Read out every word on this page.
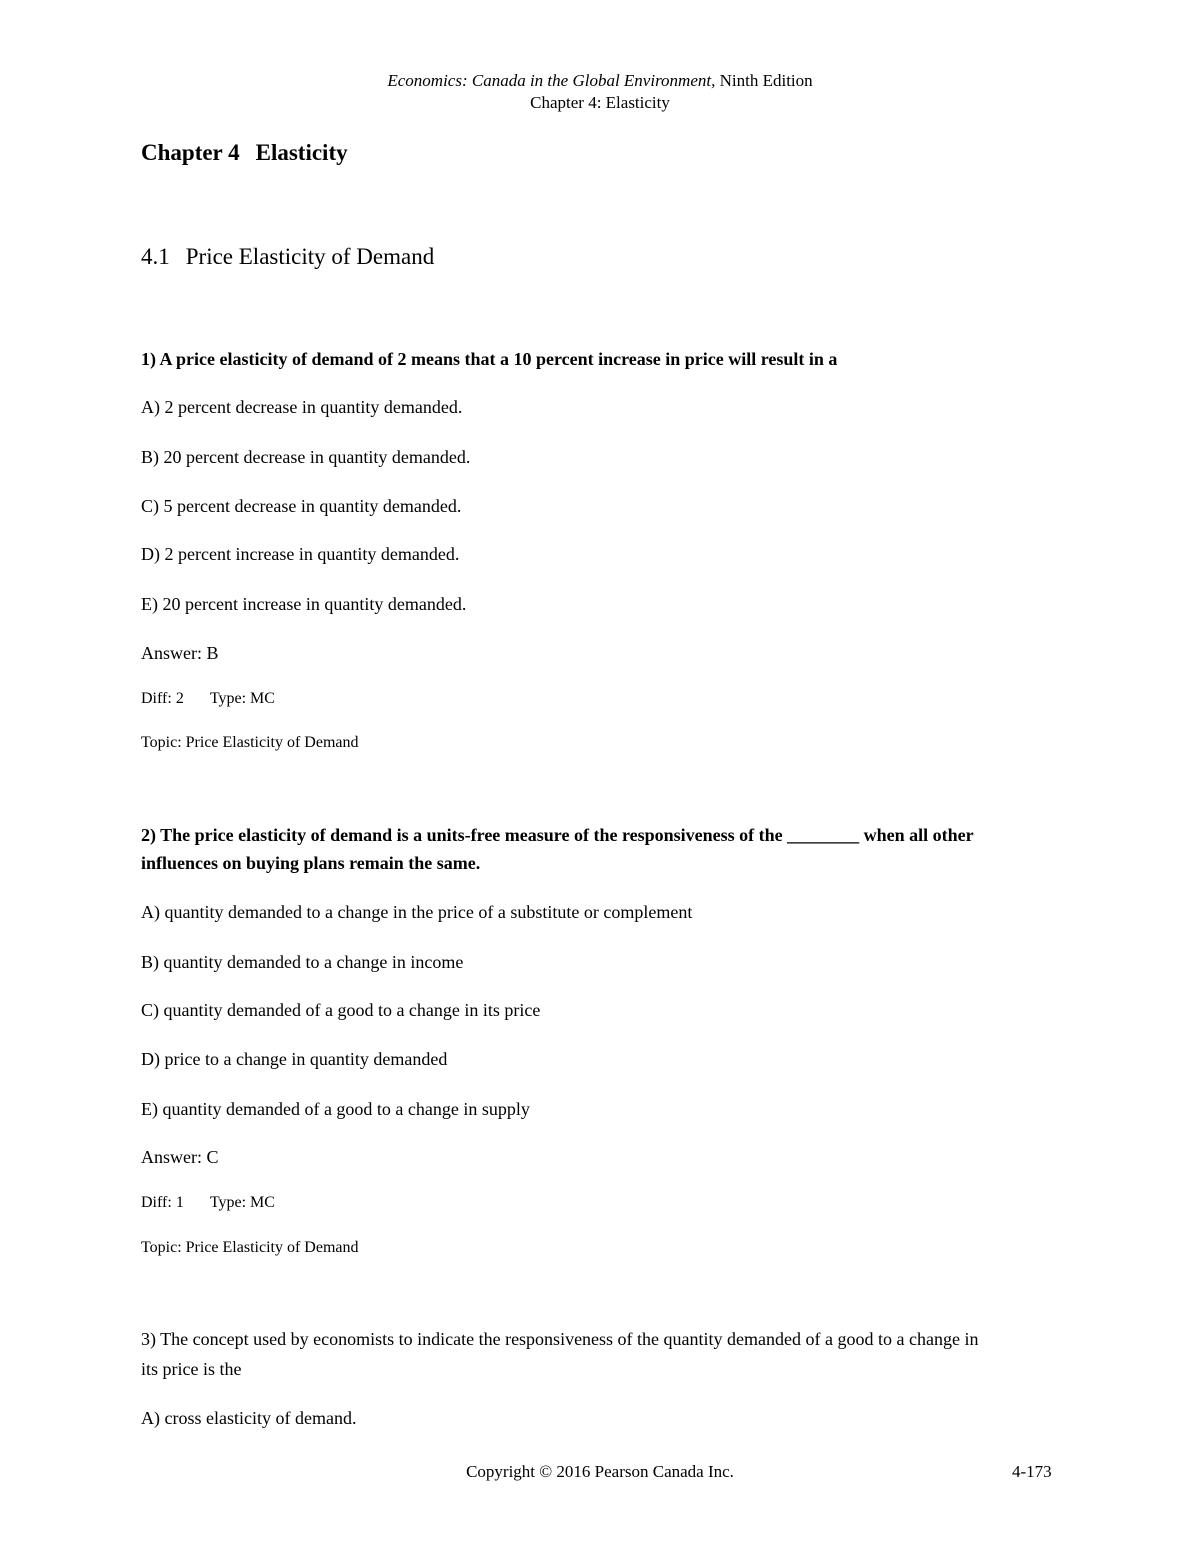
Economics: Canada in the Global Environment, Ninth Edition
Chapter 4: Elasticity
Chapter 4 Elasticity
4.1 Price Elasticity of Demand
1) A price elasticity of demand of 2 means that a 10 percent increase in price will result in a
A) 2 percent decrease in quantity demanded.
B) 20 percent decrease in quantity demanded.
C) 5 percent decrease in quantity demanded.
D) 2 percent increase in quantity demanded.
E) 20 percent increase in quantity demanded.
Answer: B
Diff: 2 Type: MC
Topic: Price Elasticity of Demand
2) The price elasticity of demand is a units-free measure of the responsiveness of the ________ when all other
influences on buying plans remain the same.
A) quantity demanded to a change in the price of a substitute or complement
B) quantity demanded to a change in income
C) quantity demanded of a good to a change in its price
D) price to a change in quantity demanded
E) quantity demanded of a good to a change in supply
Answer: C
Diff: 1 Type: MC
Topic: Price Elasticity of Demand
3) The concept used by economists to indicate the responsiveness of the quantity demanded of a good to a change in
its price is the
A) cross elasticity of demand.
Copyright © 2016 Pearson Canada Inc.	4-173
